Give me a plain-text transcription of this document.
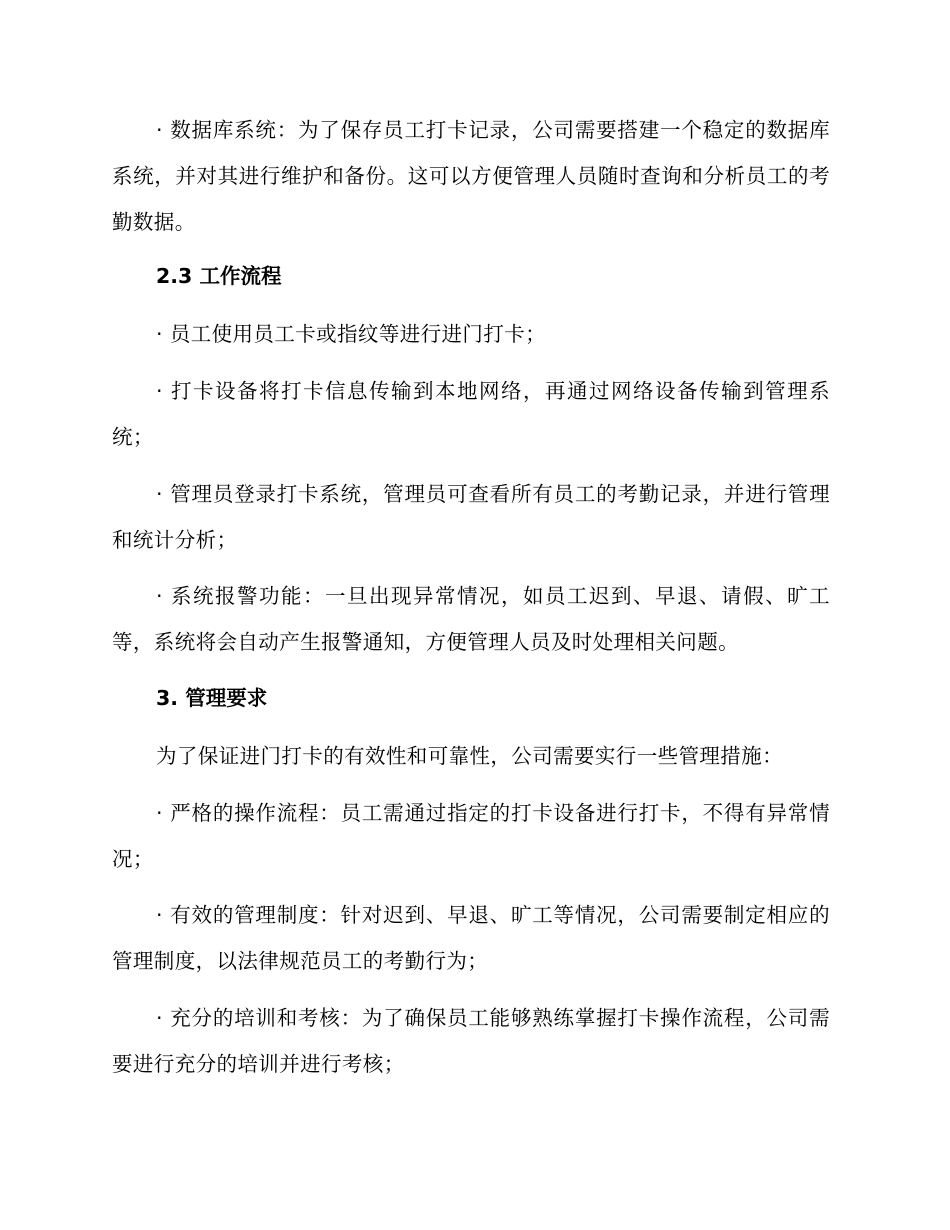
· 数据库系统：为了保存员工打卡记录，公司需要搭建一个稳定的数据库系统，并对其进行维护和备份。这可以方便管理人员随时查询和分析员工的考勤数据。

2.3 工作流程

· 员工使用员工卡或指纹等进行进门打卡；

· 打卡设备将打卡信息传输到本地网络，再通过网络设备传输到管理系统；

· 管理员登录打卡系统，管理员可查看所有员工的考勤记录，并进行管理和统计分析；

· 系统报警功能：一旦出现异常情况，如员工迟到、早退、请假、旷工等，系统将会自动产生报警通知，方便管理人员及时处理相关问题。

3. 管理要求

为了保证进门打卡的有效性和可靠性，公司需要实行一些管理措施：

· 严格的操作流程：员工需通过指定的打卡设备进行打卡，不得有异常情况；

· 有效的管理制度：针对迟到、早退、旷工等情况，公司需要制定相应的管理制度，以法律规范员工的考勤行为；

· 充分的培训和考核：为了确保员工能够熟练掌握打卡操作流程，公司需要进行充分的培训并进行考核；
